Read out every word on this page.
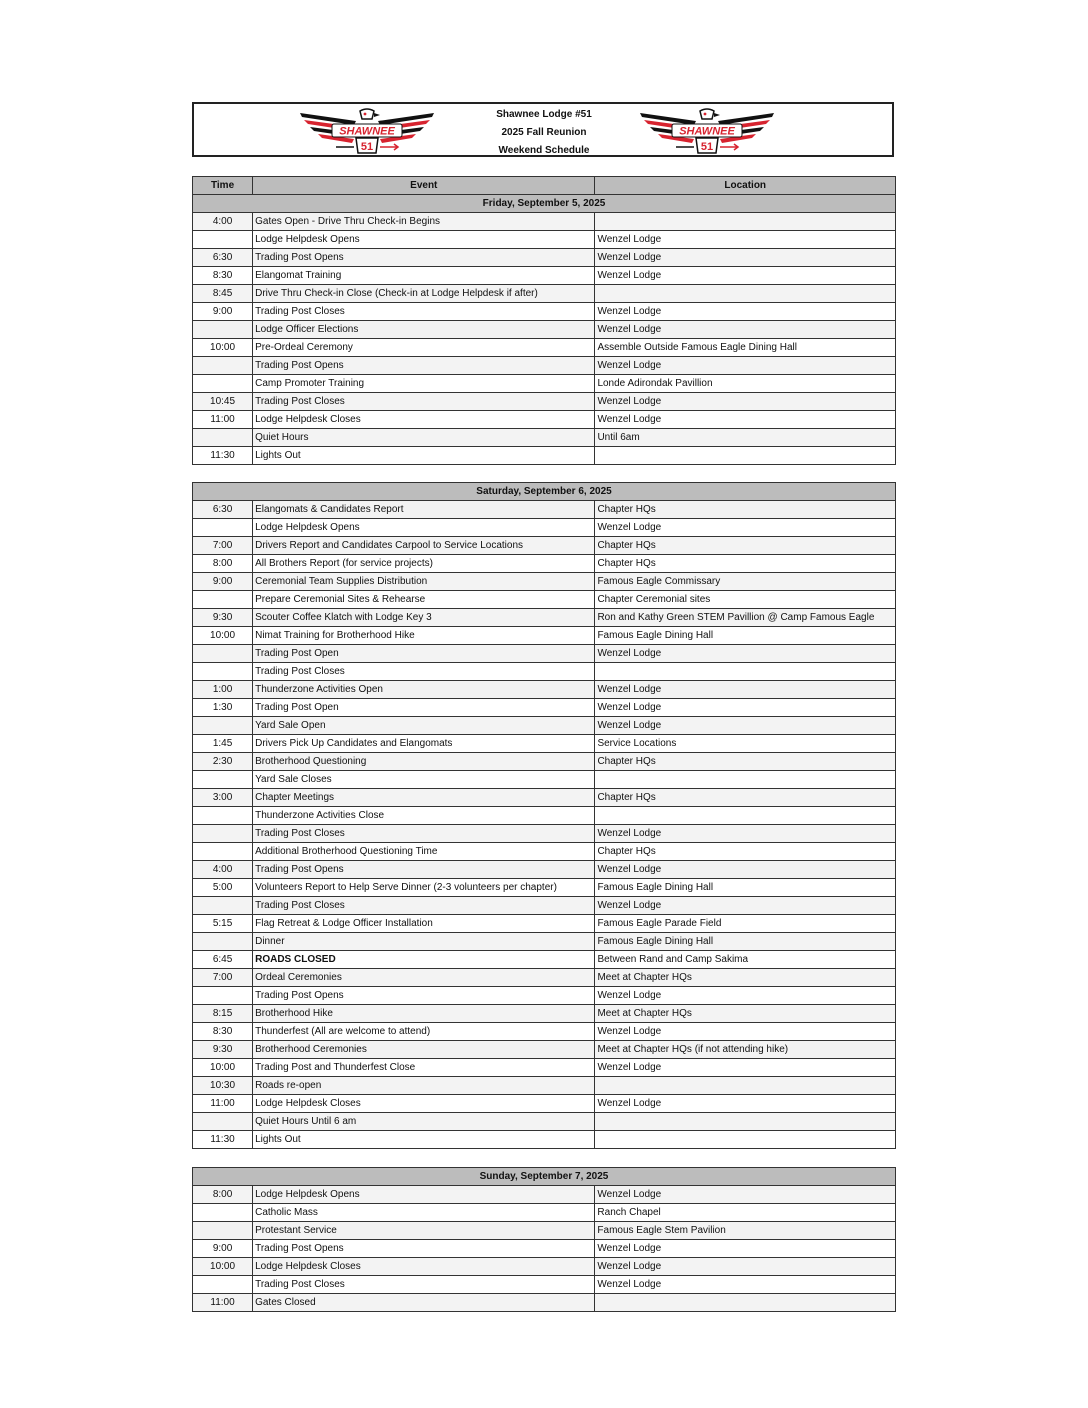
SHAWNEE
51
Shawnee Lodge #51
2025 Fall Reunion
Weekend Schedule
SHAWNEE
51
Time	Event	Location
Friday, September 5, 2025		
4:00	Gates Open - Drive Thru Check-in Begins	
	Lodge Helpdesk Opens	Wenzel Lodge
6:30	Trading Post Opens	Wenzel Lodge
8:30	Elangomat Training	Wenzel Lodge
8:45	Drive Thru Check-in Close (Check-in at Lodge Helpdesk if after)	
9:00	Trading Post Closes	Wenzel Lodge
	Lodge Officer Elections	Wenzel Lodge
10:00	Pre-Ordeal Ceremony	Assemble Outside Famous Eagle Dining Hall
	Trading Post Opens	Wenzel Lodge
	Camp Promoter Training	Londe Adirondak Pavillion
10:45	Trading Post Closes	Wenzel Lodge
11:00	Lodge Helpdesk Closes	Wenzel Lodge
	Quiet Hours	Until 6am
11:30	Lights Out	
Saturday, September 6, 2025		
6:30	Elangomats & Candidates Report	Chapter HQs
	Lodge Helpdesk Opens	Wenzel Lodge
7:00	Drivers Report and Candidates Carpool to Service Locations	Chapter HQs
8:00	All Brothers Report (for service projects)	Chapter HQs
9:00	Ceremonial Team Supplies Distribution	Famous Eagle Commissary
	Prepare Ceremonial Sites & Rehearse	Chapter Ceremonial sites
9:30	Scouter Coffee Klatch with Lodge Key 3	Ron and Kathy Green STEM Pavillion @ Camp Famous Eagle
10:00	Nimat Training for Brotherhood Hike	Famous Eagle Dining Hall
	Trading Post Open	Wenzel Lodge
	Trading Post Closes	
1:00	Thunderzone Activities Open	Wenzel Lodge
1:30	Trading Post Open	Wenzel Lodge
	Yard Sale Open	Wenzel Lodge
1:45	Drivers Pick Up Candidates and Elangomats	Service Locations
2:30	Brotherhood Questioning	Chapter HQs
	Yard Sale Closes	
3:00	Chapter Meetings	Chapter HQs
	Thunderzone Activities Close	
	Trading Post Closes	Wenzel Lodge
	Additional Brotherhood Questioning Time	Chapter HQs
4:00	Trading Post Opens	Wenzel Lodge
5:00	Volunteers Report to Help Serve Dinner (2-3 volunteers per chapter)	Famous Eagle Dining Hall
	Trading Post Closes	Wenzel Lodge
5:15	Flag Retreat & Lodge Officer Installation	Famous Eagle Parade Field
	Dinner	Famous Eagle Dining Hall
6:45	ROADS CLOSED	Between Rand and Camp Sakima
7:00	Ordeal Ceremonies	Meet at Chapter HQs
	Trading Post Opens	Wenzel Lodge
8:15	Brotherhood Hike	Meet at Chapter HQs
8:30	Thunderfest (All are welcome to attend)	Wenzel Lodge
9:30	Brotherhood Ceremonies	Meet at Chapter HQs (if not attending hike)
10:00	Trading Post and Thunderfest Close	Wenzel Lodge
10:30	Roads re-open	
11:00	Lodge Helpdesk Closes	Wenzel Lodge
	Quiet Hours Until 6 am	
11:30	Lights Out	
Sunday, September 7, 2025		
8:00	Lodge Helpdesk Opens	Wenzel Lodge
	Catholic Mass	Ranch Chapel
	Protestant Service	Famous Eagle Stem Pavilion
9:00	Trading Post Opens	Wenzel Lodge
10:00	Lodge Helpdesk Closes	Wenzel Lodge
	Trading Post Closes	Wenzel Lodge
11:00	Gates Closed	
